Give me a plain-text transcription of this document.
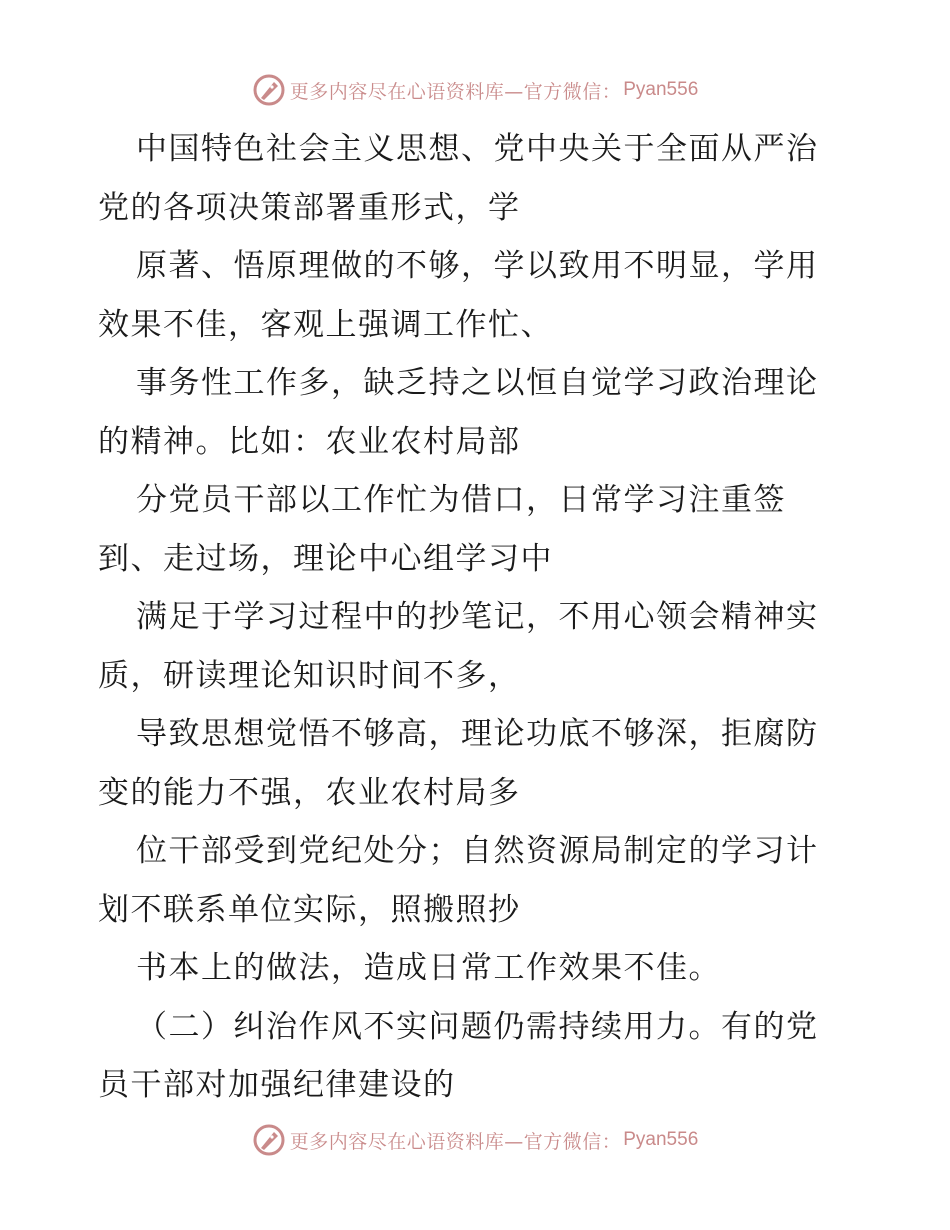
更多内容尽在心语资料库—官方微信： Pyan556

中国特色社会主义思想、党中央关于全面从严治
党的各项决策部署重形式，学

原著、悟原理做的不够，学以致用不明显，学用
效果不佳，客观上强调工作忙、

事务性工作多，缺乏持之以恒自觉学习政治理论
的精神。比如：农业农村局部

分党员干部以工作忙为借口，日常学习注重签
到、走过场，理论中心组学习中

满足于学习过程中的抄笔记，不用心领会精神实
质，研读理论知识时间不多，

导致思想觉悟不够高，理论功底不够深，拒腐防
变的能力不强，农业农村局多

位干部受到党纪处分；自然资源局制定的学习计
划不联系单位实际，照搬照抄

书本上的做法，造成日常工作效果不佳。

（二）纠治作风不实问题仍需持续用力。有的党
员干部对加强纪律建设的

更多内容尽在心语资料库—官方微信： Pyan556
